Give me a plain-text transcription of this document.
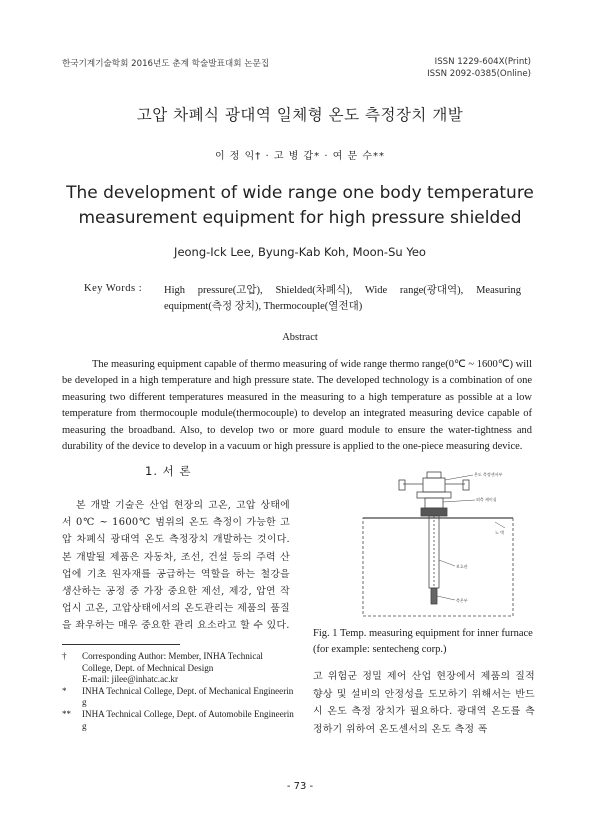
한국기계기술학회 2016년도 춘계 학술발표대회 논문집	ISSN 1229-604X(Print)
ISSN 2092-0385(Online)
고압 차폐식 광대역 일체형 온도 측정장치 개발
이 정 익† · 고 병 갑* · 여 문 수**
The development of wide range one body temperature
measurement equipment for high pressure shielded
Jeong-Ick Lee, Byung-Kab Koh, Moon-Su Yeo
Key Words : High pressure(고압), Shielded(차폐식), Wide range(광대역), Measuring equipment(측정 장치), Thermocouple(열전대)
Abstract
The measuring equipment capable of thermo measuring of wide range thermo range(0℃ ~ 1600℃) will be developed in a high temperature and high pressure state. The developed technology is a combination of one measuring two different temperatures measured in the measuring to a high temperature as possible at a low temperature from thermocouple module(thermocouple) to develop an integrated measuring device capable of measuring the broadband. Also, to develop two or more guard module to ensure the water-tightness and durability of the device to develop in a vacuum or high pressure is applied to the one-piece measuring device.
1. 서 론
본 개발 기술은 산업 현장의 고온, 고압 상태에서 0℃ ~ 1600℃ 범위의 온도 측정이 가능한 고압 차폐식 광대역 온도 측정장치 개발하는 것이다. 본 개발될 제품은 자동차, 조선, 건설 등의 주력 산업에 기초 원자재를 공급하는 역할을 하는 철강을 생산하는 공정 중 가장 중요한 제선, 제강, 압연 작업시 고온, 고압상태에서의 온도관리는 제품의 품질을 좌우하는 매우 중요한 관리 요소라고 할 수 있다.
†	Corresponding Author: Member, INHA Technical
College, Dept. of Mechnical Design
E-mail: jilee@inhatc.ac.kr
*	INHA Technical College, Dept. of Mechanical Engineerin
g
**	INHA Technical College, Dept. of Automobile Engineerin
g
온도 측정센서부
외측 케이싱
노 벽
보호관
측온부
Fig. 1 Temp. measuring equipment for inner furnace (for example: sentecheng corp.)
고 위험군 정밀 제어 산업 현장에서 제품의 질적 향상 및 설비의 안정성을 도모하기 위해서는 반드시 온도 측정 장치가 필요하다. 광대역 온도를 측정하기 위하여 온도센서의 온도 측정 폭
- 73 -
